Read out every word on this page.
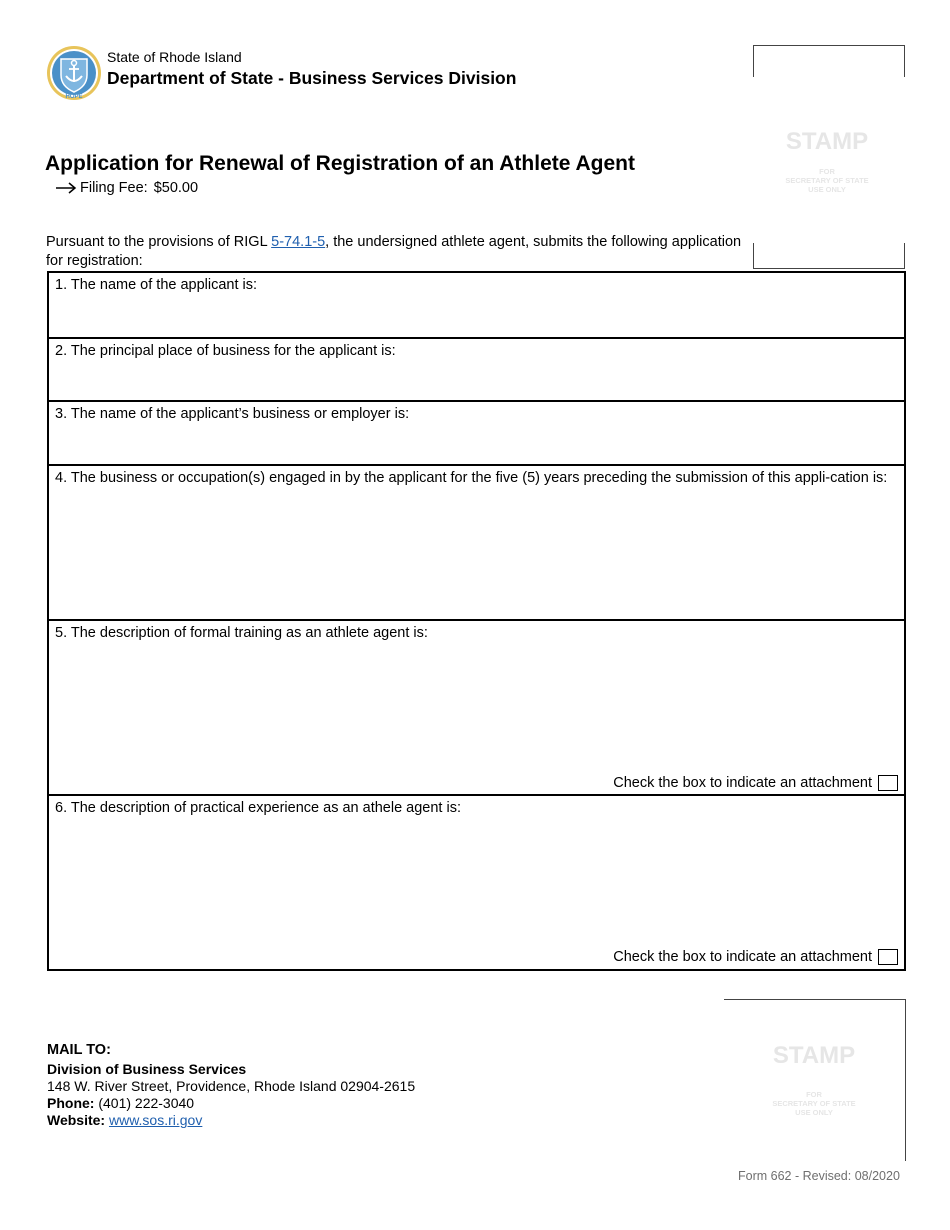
HOPE
State of Rhode Island
Department of State - Business Services Division
STAMP
FOR
SECRETARY OF STATE
USE ONLY
Application for Renewal of Registration of an Athlete Agent
Filing Fee: $50.00
Pursuant to the provisions of RIGL 5-74.1-5, the undersigned athlete agent, submits the following application for registration:
1. The name of the applicant is:
2. The principal place of business for the applicant is:
3. The name of the applicant’s business or employer is:
4. The business or occupation(s) engaged in by the applicant for the five (5) years preceding the submission of this appli-cation is:
5. The description of formal training as an athlete agent is:
Check the box to indicate an attachment
6. The description of practical experience as an athele agent is:
Check the box to indicate an attachment
MAIL TO:
Division of Business Services
148 W. River Street, Providence, Rhode Island 02904-2615
Phone: (401) 222-3040
Website: www.sos.ri.gov
STAMP
FOR
SECRETARY OF STATE
USE ONLY
Form 662 - Revised: 08/2020
